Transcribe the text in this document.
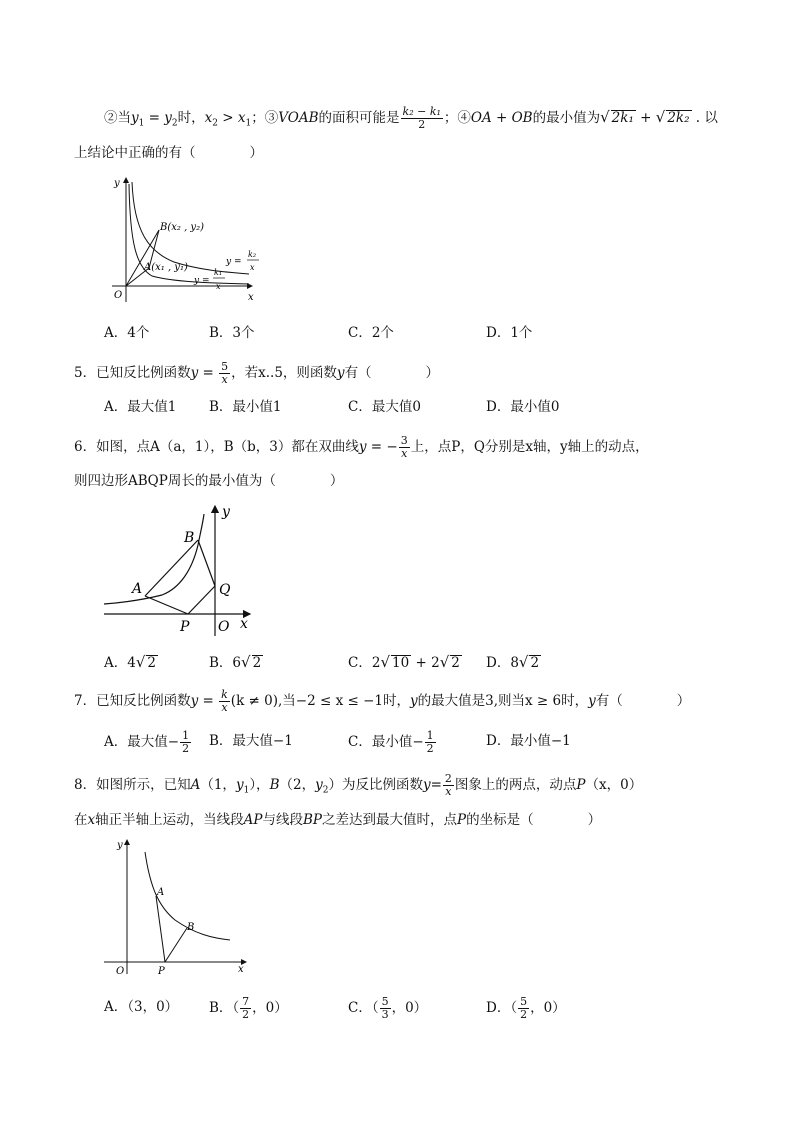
②当$y_1 = y_2$时，$x_2 > x_1$；③VOAB的面积可能是 $\frac{\text{k₂ − k₁}}{2}$ ；④OA + OB的最小值为√ 2k₁ + √ 2k₂ . 以
上结论中正确的有（　　　　）
y
x
O
B(x₂ , y₂)
A(x₁ , y₁)	y =
k₂
x
y =
k₁
x
A．4个	B．3个	C．2个	D．1个
5．已知反比例函数$y = \frac{5}{x}$ ，若x..5，则函数y有（　　　　）
A．最大值1 B．最小值1	C．最大值0	D．最小值0
6．如图，点A（a，1），B（b，3）都在双曲线y = − $\frac{3}{x}$ 上，点P，Q分别是x轴，y轴上的动点，
则四边形ABQP周长的最小值为（　　　　）
y
x
O
A
B
P
Q
A．4√ 2	B．6√ 2	C．2√ 10 + 2√ 2 D．8√ 2
7．已知反比例函数$y = \frac{k}{x} (k \ne 0)$,当−2 ≤ x ≤ −1时，y的最大值是3,则当x ≥ 6时，y有（　　　　）
A．最大值− $\frac{1}{2}$ B．最大值−1	C．最小值− $\frac{1}{2}$	D．最小值−1
8．如图所示，已知A（1，$y_1$），B（2，$y_2$）为反比例函数$y= \frac{2}{x}$ 图象上的两点，动点P（x，0）
在x轴正半轴上运动，当线段AP与线段BP之差达到最大值时，点P的坐标是（　　　　）
y
x
O
A
B
P
A．（3，0） B．（ $\frac{7}{2}$ ，0）	C．（ $\frac{5}{3}$ ，0）	D．（ $\frac{5}{2}$ ，0）
